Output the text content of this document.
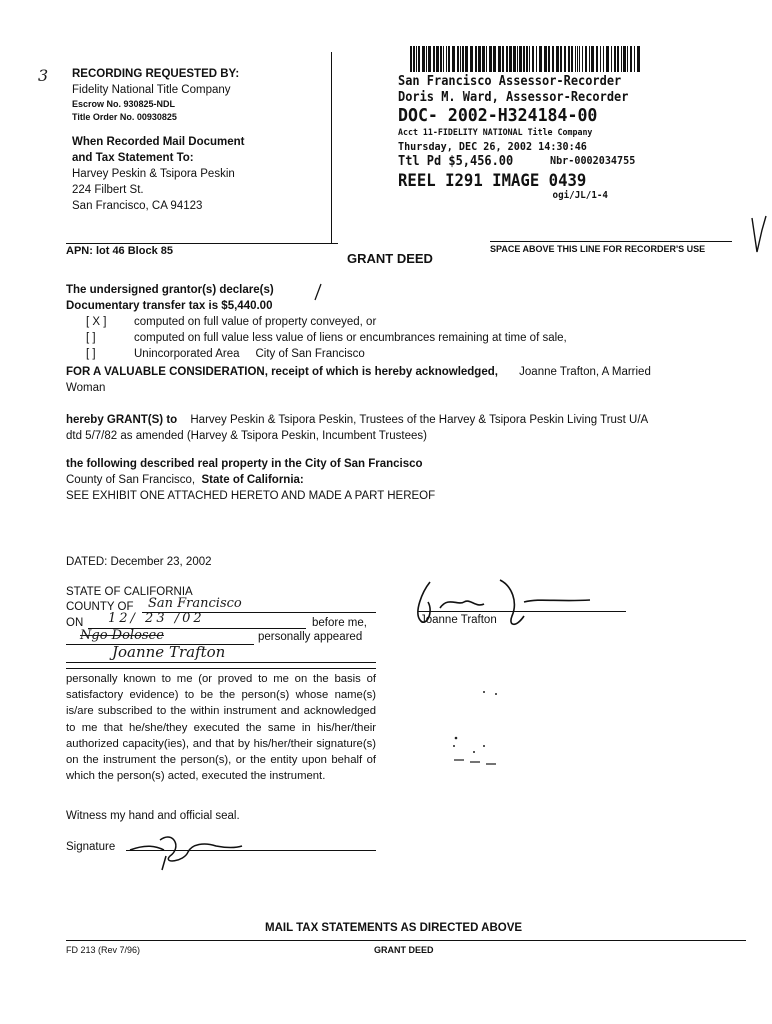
3 RECORDING REQUESTED BY:
Fidelity National Title Company
Escrow No. 930825-NDL
Title Order No. 00930825
When Recorded Mail Document
and Tax Statement To:
Harvey Peskin & Tsipora Peskin
224 Filbert St.
San Francisco, CA 94123
San Francisco Assessor-Recorder
Doris M. Ward, Assessor-Recorder
DOC- 2002-H324184-00
Acct 11-FIDELITY NATIONAL Title Company
Thursday, DEC 26, 2002 14:30:46
Ttl Pd $5,456.00	Nbr-0002034755
REEL I291 IMAGE 0439
ogi/JL/1-4
APN: lot 46 Block 85	GRANT DEED
SPACE ABOVE THIS LINE FOR RECORDER'S USE
The undersigned grantor(s) declare(s)
Documentary transfer tax is $5,440.00
[ X ] computed on full value of property conveyed, or
[ ]	computed on full value less value of liens or encumbrances remaining at time of sale,
[ ]	Unincorporated Area     City of San Francisco
FOR A VALUABLE CONSIDERATION, receipt of which is hereby acknowledged, Joanne Trafton, A Married
Woman
hereby GRANT(S) to Harvey Peskin & Tsipora Peskin, Trustees of the Harvey & Tsipora Peskin Living Trust U/A
dtd 5/7/82 as amended (Harvey & Tsipora Peskin, Incumbent Trustees)
the following described real property in the City of San Francisco
County of San Francisco, State of California:
SEE EXHIBIT ONE ATTACHED HERETO AND MADE A PART HEREOF
DATED: December 23, 2002
STATE OF CALIFORNIA
COUNTY OF San Francisco
ON 12/ 23 /02	before me,
Ngo Dolosee	personally appeared
Joanne Trafton
personally known to me (or proved to me on the basis of satisfactory evidence) to be the person(s) whose name(s) is/are subscribed to the within instrument and acknowledged to me that he/she/they executed the same in his/her/their authorized capacity(ies), and that by his/her/their signature(s) on the instrument the person(s), or the entity upon behalf of which the person(s) acted, executed the instrument.
Witness my hand and official seal.
Signature
Joanne Trafton
MAIL TAX STATEMENTS AS DIRECTED ABOVE
FD 213 (Rev 7/96)	GRANT DEED
